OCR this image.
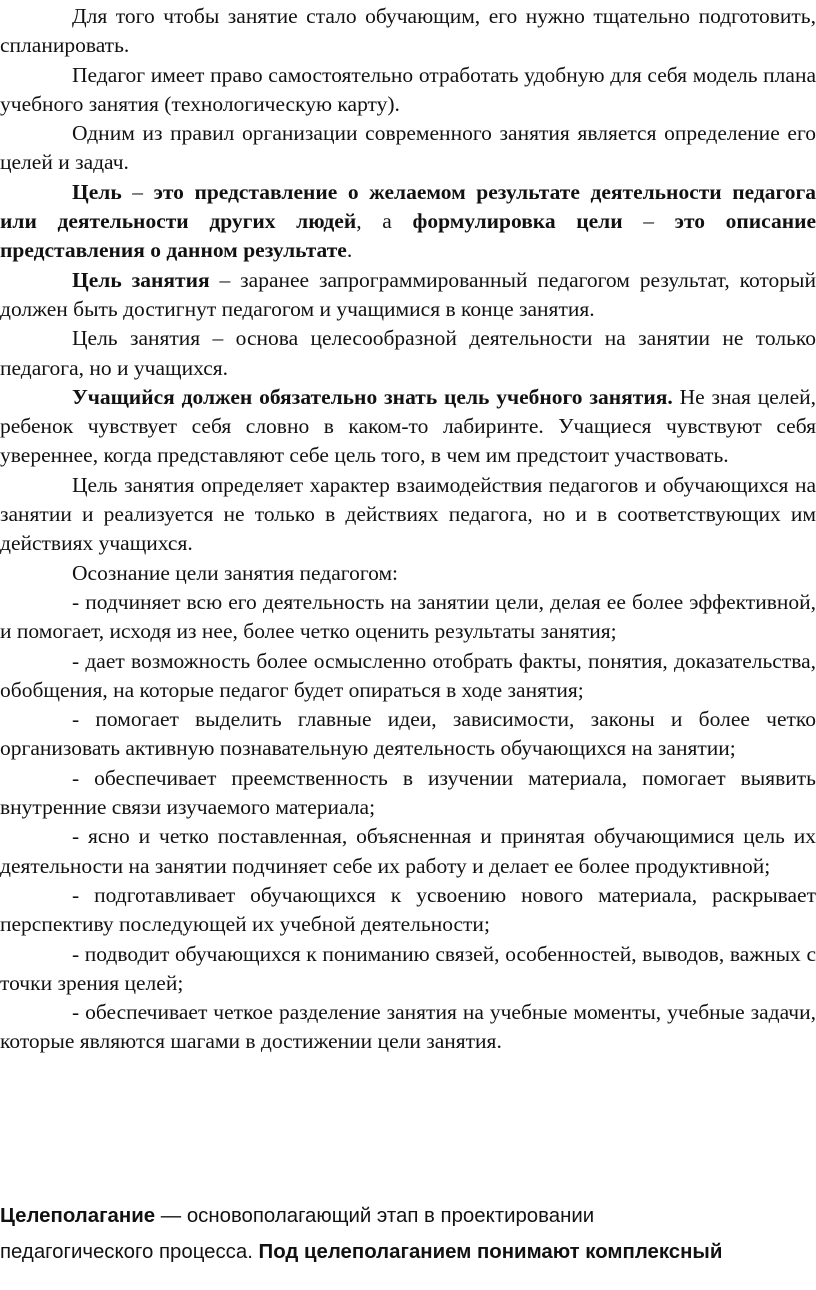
Для того чтобы занятие стало обучающим, его нужно тщательно подготовить, спланировать.

Педагог имеет право самостоятельно отработать удобную для себя модель плана учебного занятия (технологическую карту).

Одним из правил организации современного занятия является определение его целей и задач.

Цель – это представление о желаемом результате деятельности педагога или деятельности других людей, а формулировка цели – это описание представления о данном результате.

Цель занятия – заранее запрограммированный педагогом результат, который должен быть достигнут педагогом и учащимися в конце занятия.

Цель занятия – основа целесообразной деятельности на занятии не только педагога, но и учащихся.

Учащийся должен обязательно знать цель учебного занятия. Не зная целей, ребенок чувствует себя словно в каком-то лабиринте. Учащиеся чувствуют себя увереннее, когда представляют себе цель того, в чем им предстоит участвовать.

Цель занятия определяет характер взаимодействия педагогов и обучающихся на занятии и реализуется не только в действиях педагога, но и в соответствующих им действиях учащихся.

Осознание цели занятия педагогом:

- подчиняет всю его деятельность на занятии цели, делая ее более эффективной, и помогает, исходя из нее, более четко оценить результаты занятия;

- дает возможность более осмысленно отобрать факты, понятия, доказательства, обобщения, на которые педагог будет опираться в ходе занятия;

- помогает выделить главные идеи, зависимости, законы и более четко организовать активную познавательную деятельность обучающихся на занятии;

- обеспечивает преемственность в изучении материала, помогает выявить внутренние связи изучаемого материала;

- ясно и четко поставленная, объясненная и принятая обучающимися цель их деятельности на занятии подчиняет себе их работу и делает ее более продуктивной;

- подготавливает обучающихся к усвоению нового материала, раскрывает перспективу последующей их учебной деятельности;

- подводит обучающихся к пониманию связей, особенностей, выводов, важных с точки зрения целей;

- обеспечивает четкое разделение занятия на учебные моменты, учебные задачи, которые являются шагами в достижении цели занятия.

Целеполагание — основополагающий этап в проектировании

педагогического процесса. Под целеполаганием понимают комплексный
